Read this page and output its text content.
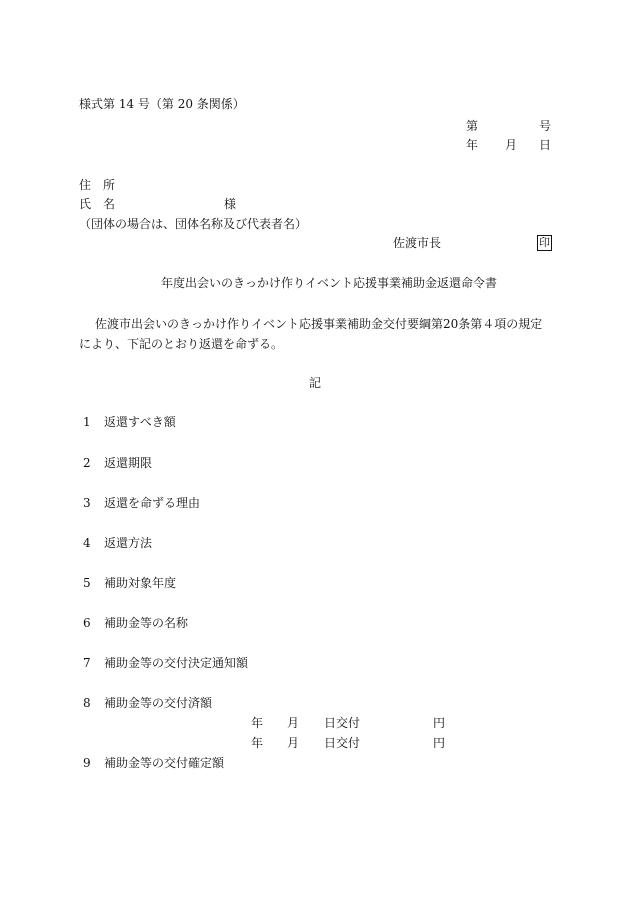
様式第 14 号（第 20 条関係）
第	号
年 月 日
住　所
氏　名	様
（団体の場合は、団体名称及び代表者名）
佐渡市長	印
年度出会いのきっかけ作りイベント応援事業補助金返還命令書
佐渡市出会いのきっかけ作りイベント応援事業補助金交付要綱第20条第４項の規定
により、下記のとおり返還を命ずる。
記
1 返還すべき額
2 返還期限
3 返還を命ずる理由
4 返還方法
5 補助対象年度
6 補助金等の名称
7 補助金等の交付決定通知額
8 補助金等の交付済額
年 月 日交付	円
年 月 日交付	円
9 補助金等の交付確定額
